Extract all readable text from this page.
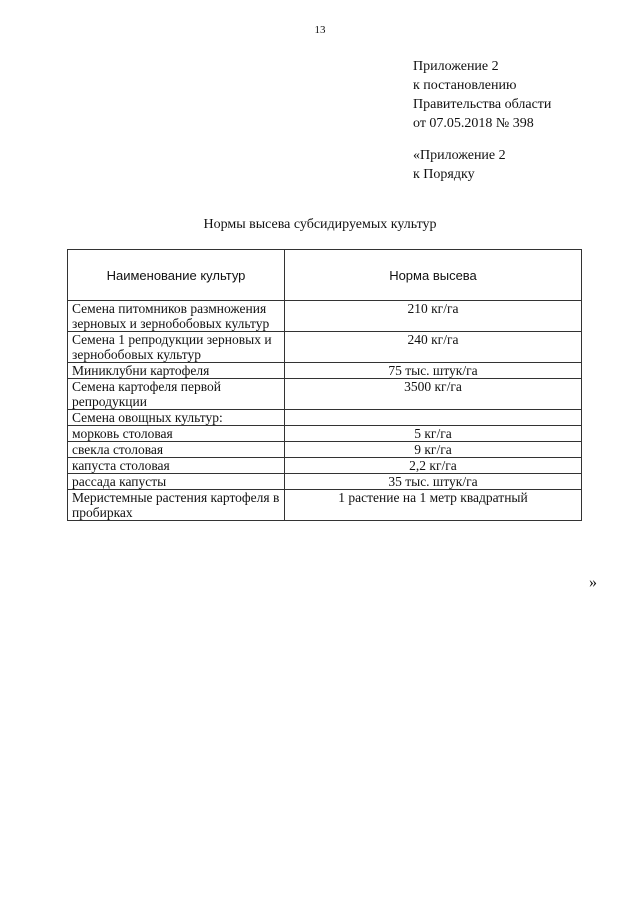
13
Приложение 2
к постановлению
Правительства области
от 07.05.2018 № 398
«Приложение 2
к Порядку
Нормы высева субсидируемых культур
Наименование культур	Норма высева
Семена питомников размножения зерновых и зернобобовых культур	210 кг/га
Семена 1 репродукции зерновых и зернобобовых культур	240 кг/га
Миниклубни картофеля	75 тыс. штук/га
Семена картофеля первой репродукции	3500 кг/га
Семена овощных культур:	
морковь столовая	5 кг/га
свекла столовая	9 кг/га
капуста столовая	2,2 кг/га
рассада капусты	35 тыс. штук/га
Меристемные растения картофеля в пробирках	1 растение на 1 метр квадратный
»
